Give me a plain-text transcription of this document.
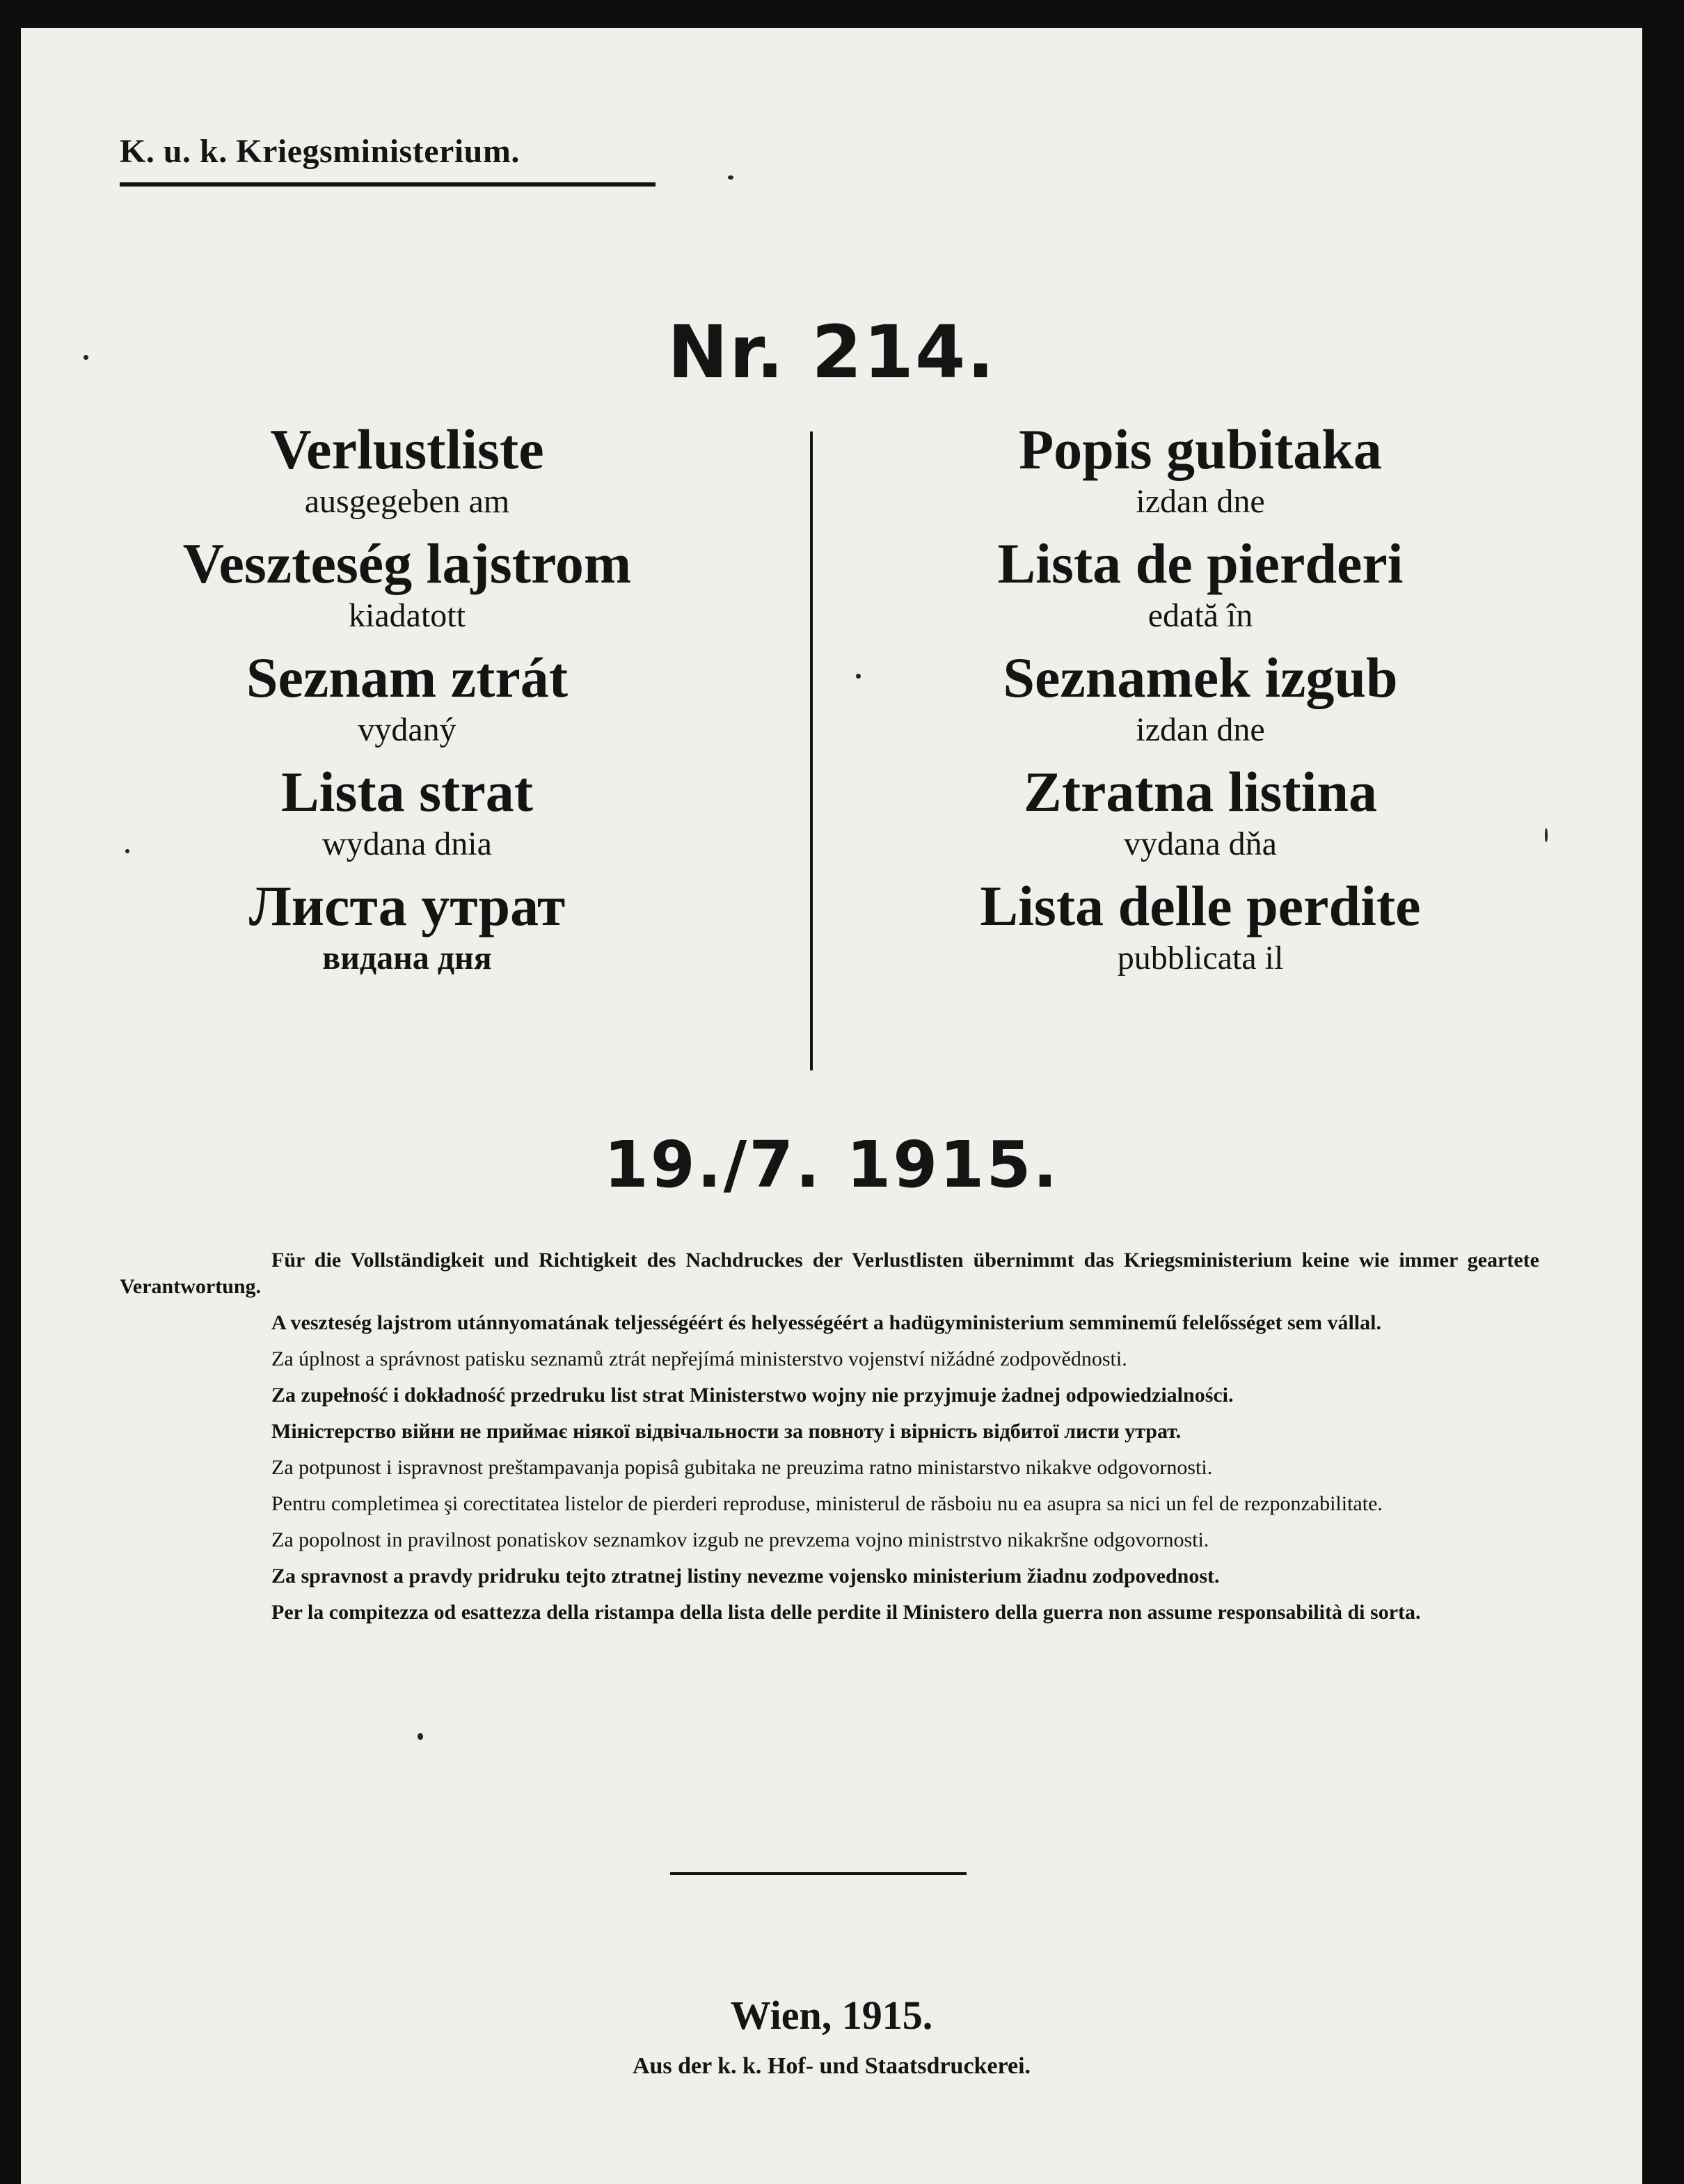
K. u. k. Kriegsministerium.
Nr. 214.

Verlustliste

ausgegeben am

Veszteség lajstrom

kiadatott

Seznam ztrát

vydaný

Lista strat

wydana dnia

Листа утрат

видана дня

Popis gubitaka

izdan dne

Lista de pierderi

edată în

Seznamek izgub

izdan dne

Ztratna listina

vydana dňa

Lista delle perdite

pubblicata il

19./7. 1915.

Für die Vollständigkeit und Richtigkeit des Nachdruckes der Verlustlisten übernimmt das Kriegsministerium keine wie immer geartete Verantwortung.

A veszteség lajstrom utánnyomatának teljességéért és helyességéért a hadügyministerium semminemű felelősséget sem vállal.

Za úplnost a správnost patisku seznamů ztrát nepřejímá ministerstvo vojenství nižádné zodpovědnosti.

Za zupełność i dokładność przedruku list strat Ministerstwo wojny nie przyjmuje żadnej odpowiedzialności.

Міністерство війни не приймає ніякої відвічальности за повноту і вірність відбитої листи утрат.

Za potpunost i ispravnost preštampavanja popisâ gubitaka ne preuzima ratno ministarstvo nikakve odgovornosti.

Pentru completimea şi corectitatea listelor de pierderi reproduse, ministerul de răsboiu nu ea asupra sa nici un fel de rezponzabilitate.

Za popolnost in pravilnost ponatiskov seznamkov izgub ne prevzema vojno ministrstvo nikakršne odgovornosti.

Za spravnost a pravdy pridruku tejto ztratnej listiny nevezme vojensko ministerium žiadnu zodpovednost.

Per la compitezza od esattezza della ristampa della lista delle perdite il Ministero della guerra non assume responsabilità di sorta.

Wien, 1915.
Aus der k. k. Hof- und Staatsdruckerei.
